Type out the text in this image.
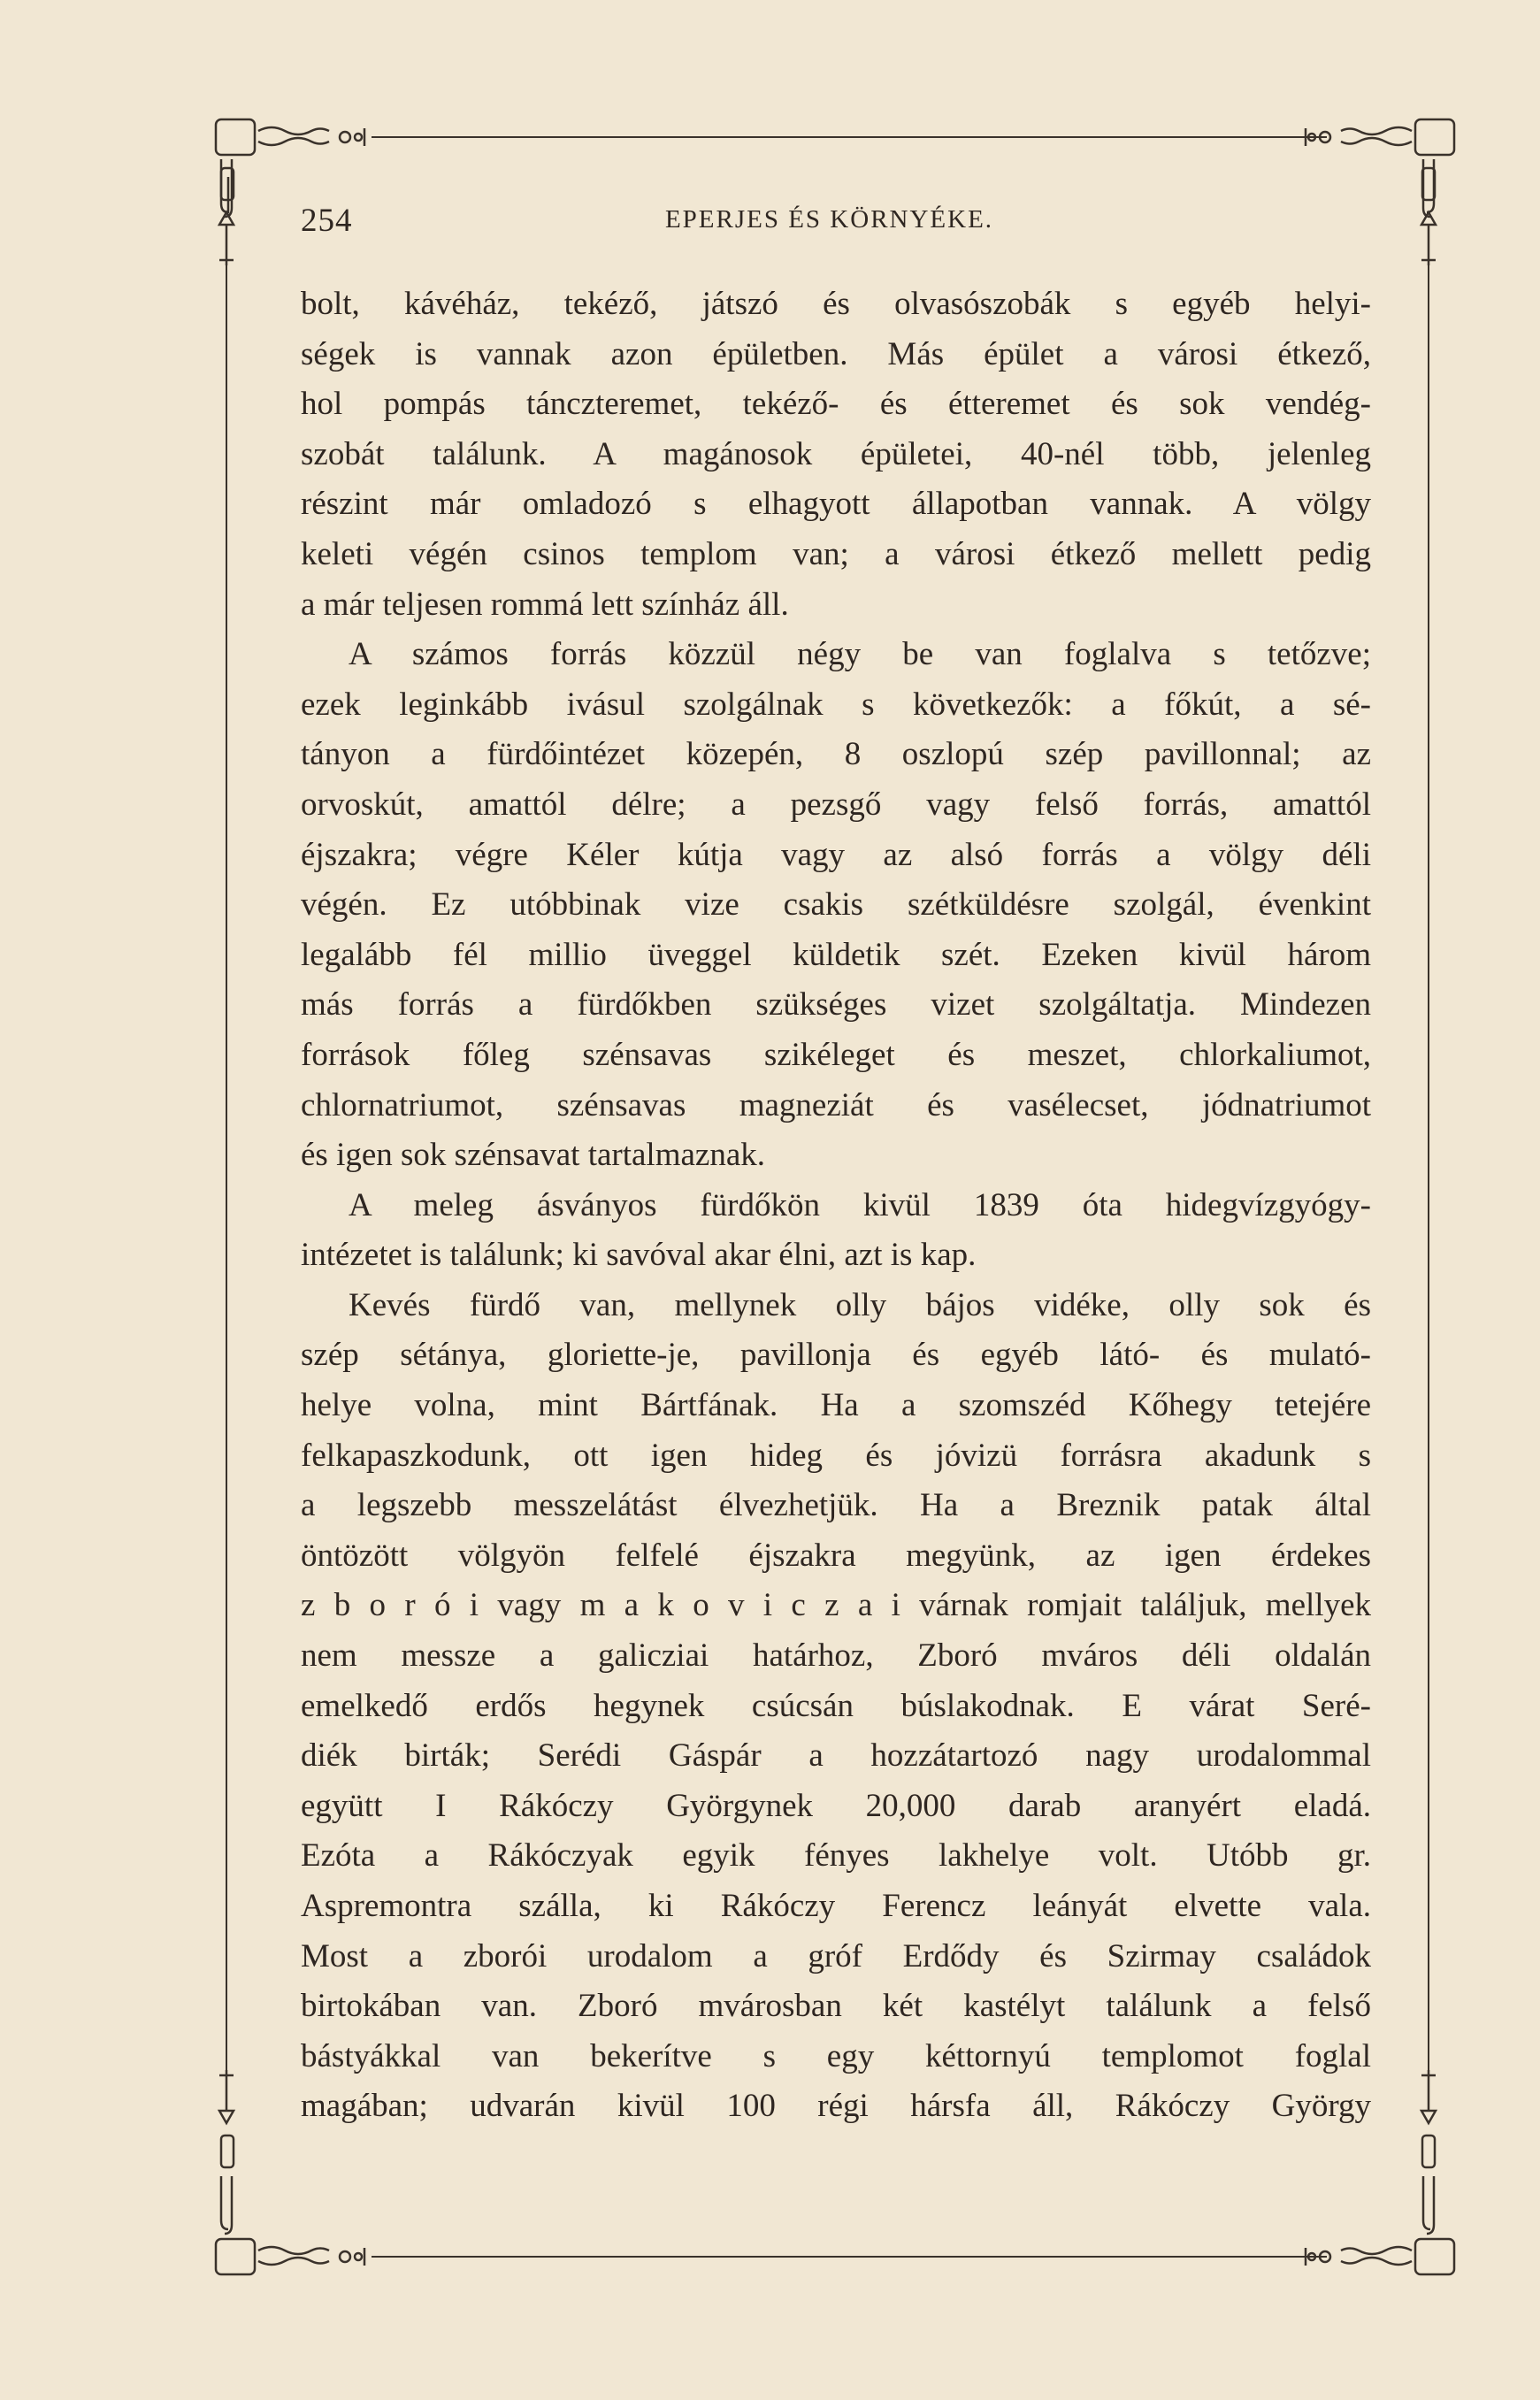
254	EPERJES ÉS KÖRNYÉKE.
bolt, kávéház, tekéző, játszó és olvasószobák s egyéb helyi-
ségek is vannak azon épületben. Más épület a városi étkező,
hol pompás tánczteremet, tekéző- és étteremet és sok vendég-
szobát találunk. A magánosok épületei, 40-nél több, jelenleg
részint már omladozó s elhagyott állapotban vannak. A völgy
keleti végén csinos templom van; a városi étkező mellett pedig
a már teljesen rommá lett színház áll.
A számos forrás közzül négy be van foglalva s tetőzve;
ezek leginkább ivásul szolgálnak s következők: a főkút, a sé-
tányon a fürdőintézet közepén, 8 oszlopú szép pavillonnal; az
orvoskút, amattól délre; a pezsgő vagy felső forrás, amattól
éjszakra; végre Kéler kútja vagy az alsó forrás a völgy déli
végén. Ez utóbbinak vize csakis szétküldésre szolgál, évenkint
legalább fél millio üveggel küldetik szét. Ezeken kivül három
más forrás a fürdőkben szükséges vizet szolgáltatja. Mindezen
források főleg szénsavas szikéleget és meszet, chlorkaliumot,
chlornatriumot, szénsavas magneziát és vasélecset, jódnatriumot
és igen sok szénsavat tartalmaznak.
A meleg ásványos fürdőkön kivül 1839 óta hidegvízgyógy-
intézetet is találunk; ki savóval akar élni, azt is kap.
Kevés fürdő van, mellynek olly bájos vidéke, olly sok és
szép sétánya, gloriette-je, pavillonja és egyéb látó- és mulató-
helye volna, mint Bártfának. Ha a szomszéd Kőhegy tetejére
felkapaszkodunk, ott igen hideg és jóvizü forrásra akadunk s
a legszebb messzelátást élvezhetjük. Ha a Breznik patak által
öntözött völgyön felfelé éjszakra megyünk, az igen érdekes
z b o r ó i vagy m a k o v i c z a i várnak romjait találjuk, mellyek
nem messze a galicziai határhoz, Zboró mváros déli oldalán
emelkedő erdős hegynek csúcsán búslakodnak. E várat Seré-
diék birták; Serédi Gáspár a hozzátartozó nagy urodalommal
együtt I Rákóczy Györgynek 20,000 darab aranyért eladá.
Ezóta a Rákóczyak egyik fényes lakhelye volt. Utóbb gr.
Aspremontra szálla, ki Rákóczy Ferencz leányát elvette vala.
Most a zborói urodalom a gróf Erdődy és Szirmay családok
birtokában van. Zboró mvárosban két kastélyt találunk a felső
bástyákkal van bekerítve s egy kéttornyú templomot foglal
magában; udvarán kivül 100 régi hársfa áll, Rákóczy György
